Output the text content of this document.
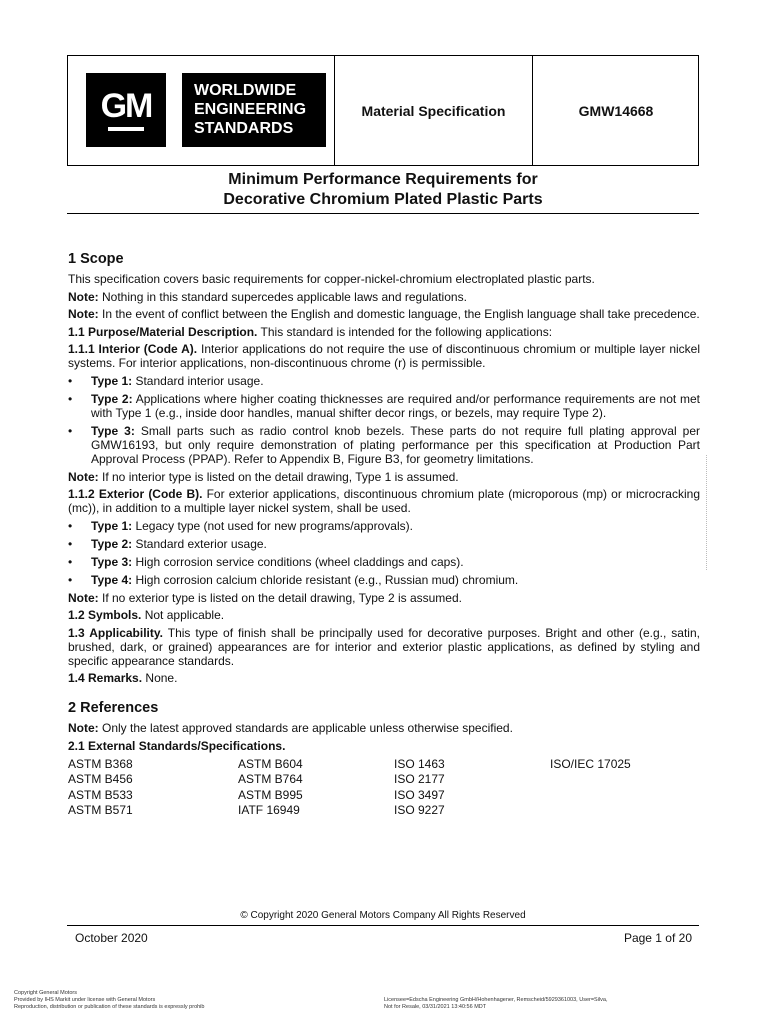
GM	WORLDWIDE
ENGINEERING
STANDARDS
Material Specification	GMW14668
Minimum Performance Requirements for
Decorative Chromium Plated Plastic Parts
1 Scope
This specification covers basic requirements for copper-nickel-chromium electroplated plastic parts.
Note: Nothing in this standard supercedes applicable laws and regulations.
Note: In the event of conflict between the English and domestic language, the English language shall take precedence.
1.1 Purpose/Material Description. This standard is intended for the following applications:
1.1.1 Interior (Code A). Interior applications do not require the use of discontinuous chromium or multiple layer nickel systems. For interior applications, non-discontinuous chrome (r) is permissible.
• Type 1: Standard interior usage.
• Type 2: Applications where higher coating thicknesses are required and/or performance requirements are not met with Type 1 (e.g., inside door handles, manual shifter decor rings, or bezels, may require Type 2).
• Type 3: Small parts such as radio control knob bezels. These parts do not require full plating approval per GMW16193, but only require demonstration of plating performance per this specification at Production Part Approval Process (PPAP). Refer to Appendix B, Figure B3, for geometry limitations.
Note: If no interior type is listed on the detail drawing, Type 1 is assumed.
1.1.2 Exterior (Code B). For exterior applications, discontinuous chromium plate (microporous (mp) or microcracking (mc)), in addition to a multiple layer nickel system, shall be used.
• Type 1: Legacy type (not used for new programs/approvals).
• Type 2: Standard exterior usage.
• Type 3: High corrosion service conditions (wheel claddings and caps).
• Type 4: High corrosion calcium chloride resistant (e.g., Russian mud) chromium.
Note: If no exterior type is listed on the detail drawing, Type 2 is assumed.
1.2 Symbols. Not applicable.
1.3 Applicability. This type of finish shall be principally used for decorative purposes. Bright and other (e.g., satin, brushed, dark, or grained) appearances are for interior and exterior plastic applications, as defined by styling and specific appearance standards.
1.4 Remarks. None.
2 References
Note: Only the latest approved standards are applicable unless otherwise specified.
2.1 External Standards/Specifications.
ASTM B368	ASTM B604	ISO 1463	ISO/IEC 17025
ASTM B456	ASTM B764	ISO 2177
ASTM B533	ASTM B995	ISO 3497
ASTM B571	IATF 16949	ISO 9227
© Copyright 2020 General Motors Company All Rights Reserved
October 2020	Page 1 of 20
Copyright General Motors
Provided by IHS Markit under license with General Motors
Reproduction, distribution or publication of these standards is expressly prohib
Licensee=Edscha Engineering GmbH/Hohenhagener, Remscheid/5929361003, User=Silva,
Not for Resale, 03/31/2021 13:40:56 MDT
